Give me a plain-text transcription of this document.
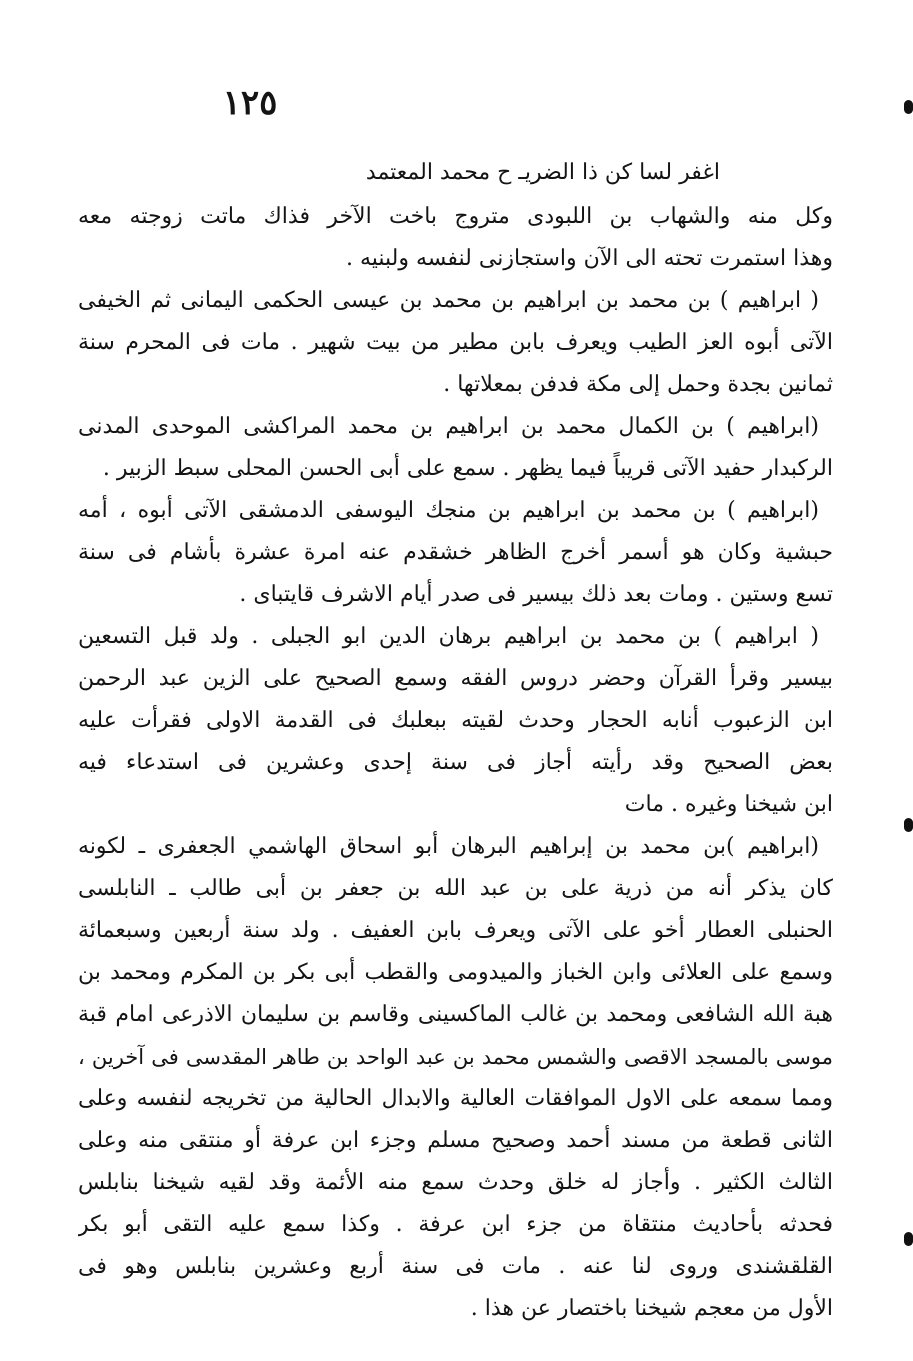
١٢٥
اغفر لسا كن ذا الضريـ ح محمد المعتمد
وكل منه والشهاب بن اللبودى متروج باخت الآخر فذاك ماتت زوجته معه
وهذا استمرت تحته الى الآن واستجازنى لنفسه ولبنيه .
( ابراهيم ) بن محمد بن ابراهيم بن محمد بن عيسى الحكمى اليمانى ثم الخيفى
الآتى أبوه العز الطيب ويعرف بابن مطير من بيت شهير . مات فى المحرم سنة
ثمانين بجدة وحمل إلى مكة فدفن بمعلاتها .
(ابراهيم ) بن الكمال محمد بن ابراهيم بن محمد المراكشى الموحدى المدنى
الركبدار حفيد الآتى قريباً فيما يظهر . سمع على أبى الحسن المحلى سبط الزبير .
(ابراهيم ) بن محمد بن ابراهيم بن منجك اليوسفى الدمشقى الآتى أبوه ، أمه
حبشية وكان هو أسمر أخرج الظاهر خشقدم عنه امرة عشرة بأشام فى سنة
تسع وستين . ومات بعد ذلك بيسير فى صدر أيام الاشرف قايتباى .
( ابراهيم ) بن محمد بن ابراهيم برهان الدين ابو الجبلى . ولد قبل التسعين
بيسير وقرأ القرآن وحضر دروس الفقه وسمع الصحيح على الزين عبد الرحمن
ابن الزعبوب أنابه الحجار وحدث لقيته ببعلبك فى القدمة الاولى فقرأت عليه
بعض الصحيح وقد رأيته أجاز فى سنة إحدى وعشرين فى استدعاء فيه
ابن شيخنا وغيره . مات
(ابراهيم )بن محمد بن إبراهيم البرهان أبو اسحاق الهاشمي الجعفرى ـ لكونه
كان يذكر أنه من ذرية على بن عبد الله بن جعفر بن أبى طالب ـ النابلسى
الحنبلى العطار أخو على الآتى ويعرف بابن العفيف . ولد سنة أربعين وسبعمائة
وسمع على العلائى وابن الخباز والميدومى والقطب أبى بكر بن المكرم ومحمد بن
هبة الله الشافعى ومحمد بن غالب الماكسينى وقاسم بن سليمان الاذرعى امام قبة
موسى بالمسجد الاقصى والشمس محمد بن عبد الواحد بن طاهر المقدسى فى آخرين ،
ومما سمعه على الاول الموافقات العالية والابدال الحالية من تخريجه لنفسه وعلى
الثانى قطعة من مسند أحمد وصحيح مسلم وجزء ابن عرفة أو منتقى منه وعلى
الثالث الكثير . وأجاز له خلق وحدث سمع منه الأئمة وقد لقيه شيخنا بنابلس
فحدثه بأحاديث منتقاة من جزء ابن عرفة . وكذا سمع عليه التقى أبو بكر
القلقشندى وروى لنا عنه . مات فى سنة أربع وعشرين بنابلس وهو فى
الأول من معجم شيخنا باختصار عن هذا .
